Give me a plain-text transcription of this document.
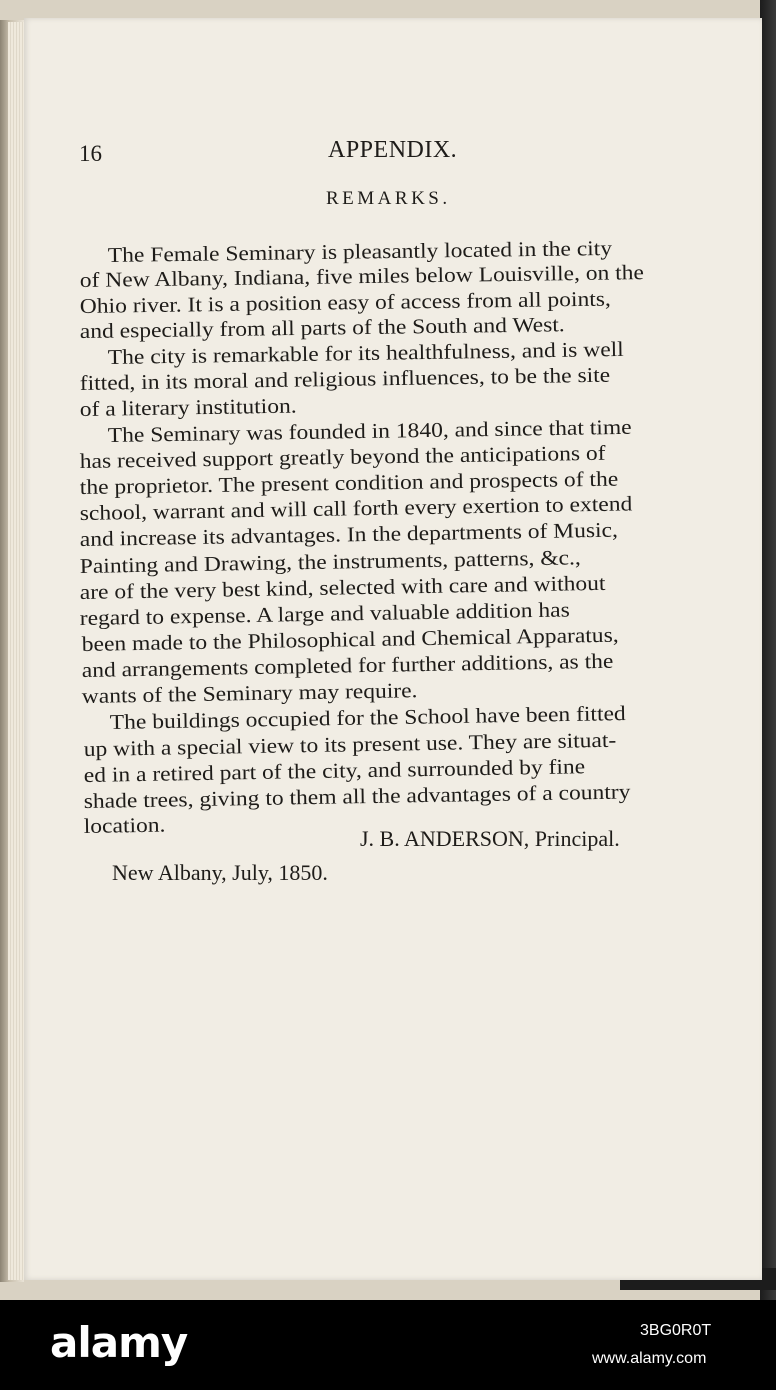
16	APPENDIX.
REMARKS.
The Female Seminary is pleasantly located in the city
of New Albany, Indiana, five miles below Louisville, on the
Ohio river. It is a position easy of access from all points,
and especially from all parts of the South and West.
The city is remarkable for its healthfulness, and is well
fitted, in its moral and religious influences, to be the site
of a literary institution.
The Seminary was founded in 1840, and since that time
has received support greatly beyond the anticipations of
the proprietor. The present condition and prospects of the
school, warrant and will call forth every exertion to extend
and increase its advantages. In the departments of Music,
Painting and Drawing, the instruments, patterns, &c.,
are of the very best kind, selected with care and without
regard to expense. A large and valuable addition has
been made to the Philosophical and Chemical Apparatus,
and arrangements completed for further additions, as the
wants of the Seminary may require.
The buildings occupied for the School have been fitted
up with a special view to its present use. They are situat-
ed in a retired part of the city, and surrounded by fine
shade trees, giving to them all the advantages of a country
location.
J. B. ANDERSON, Principal.
New Albany, July, 1850.
alamy	3BG0R0T
www.alamy.com
